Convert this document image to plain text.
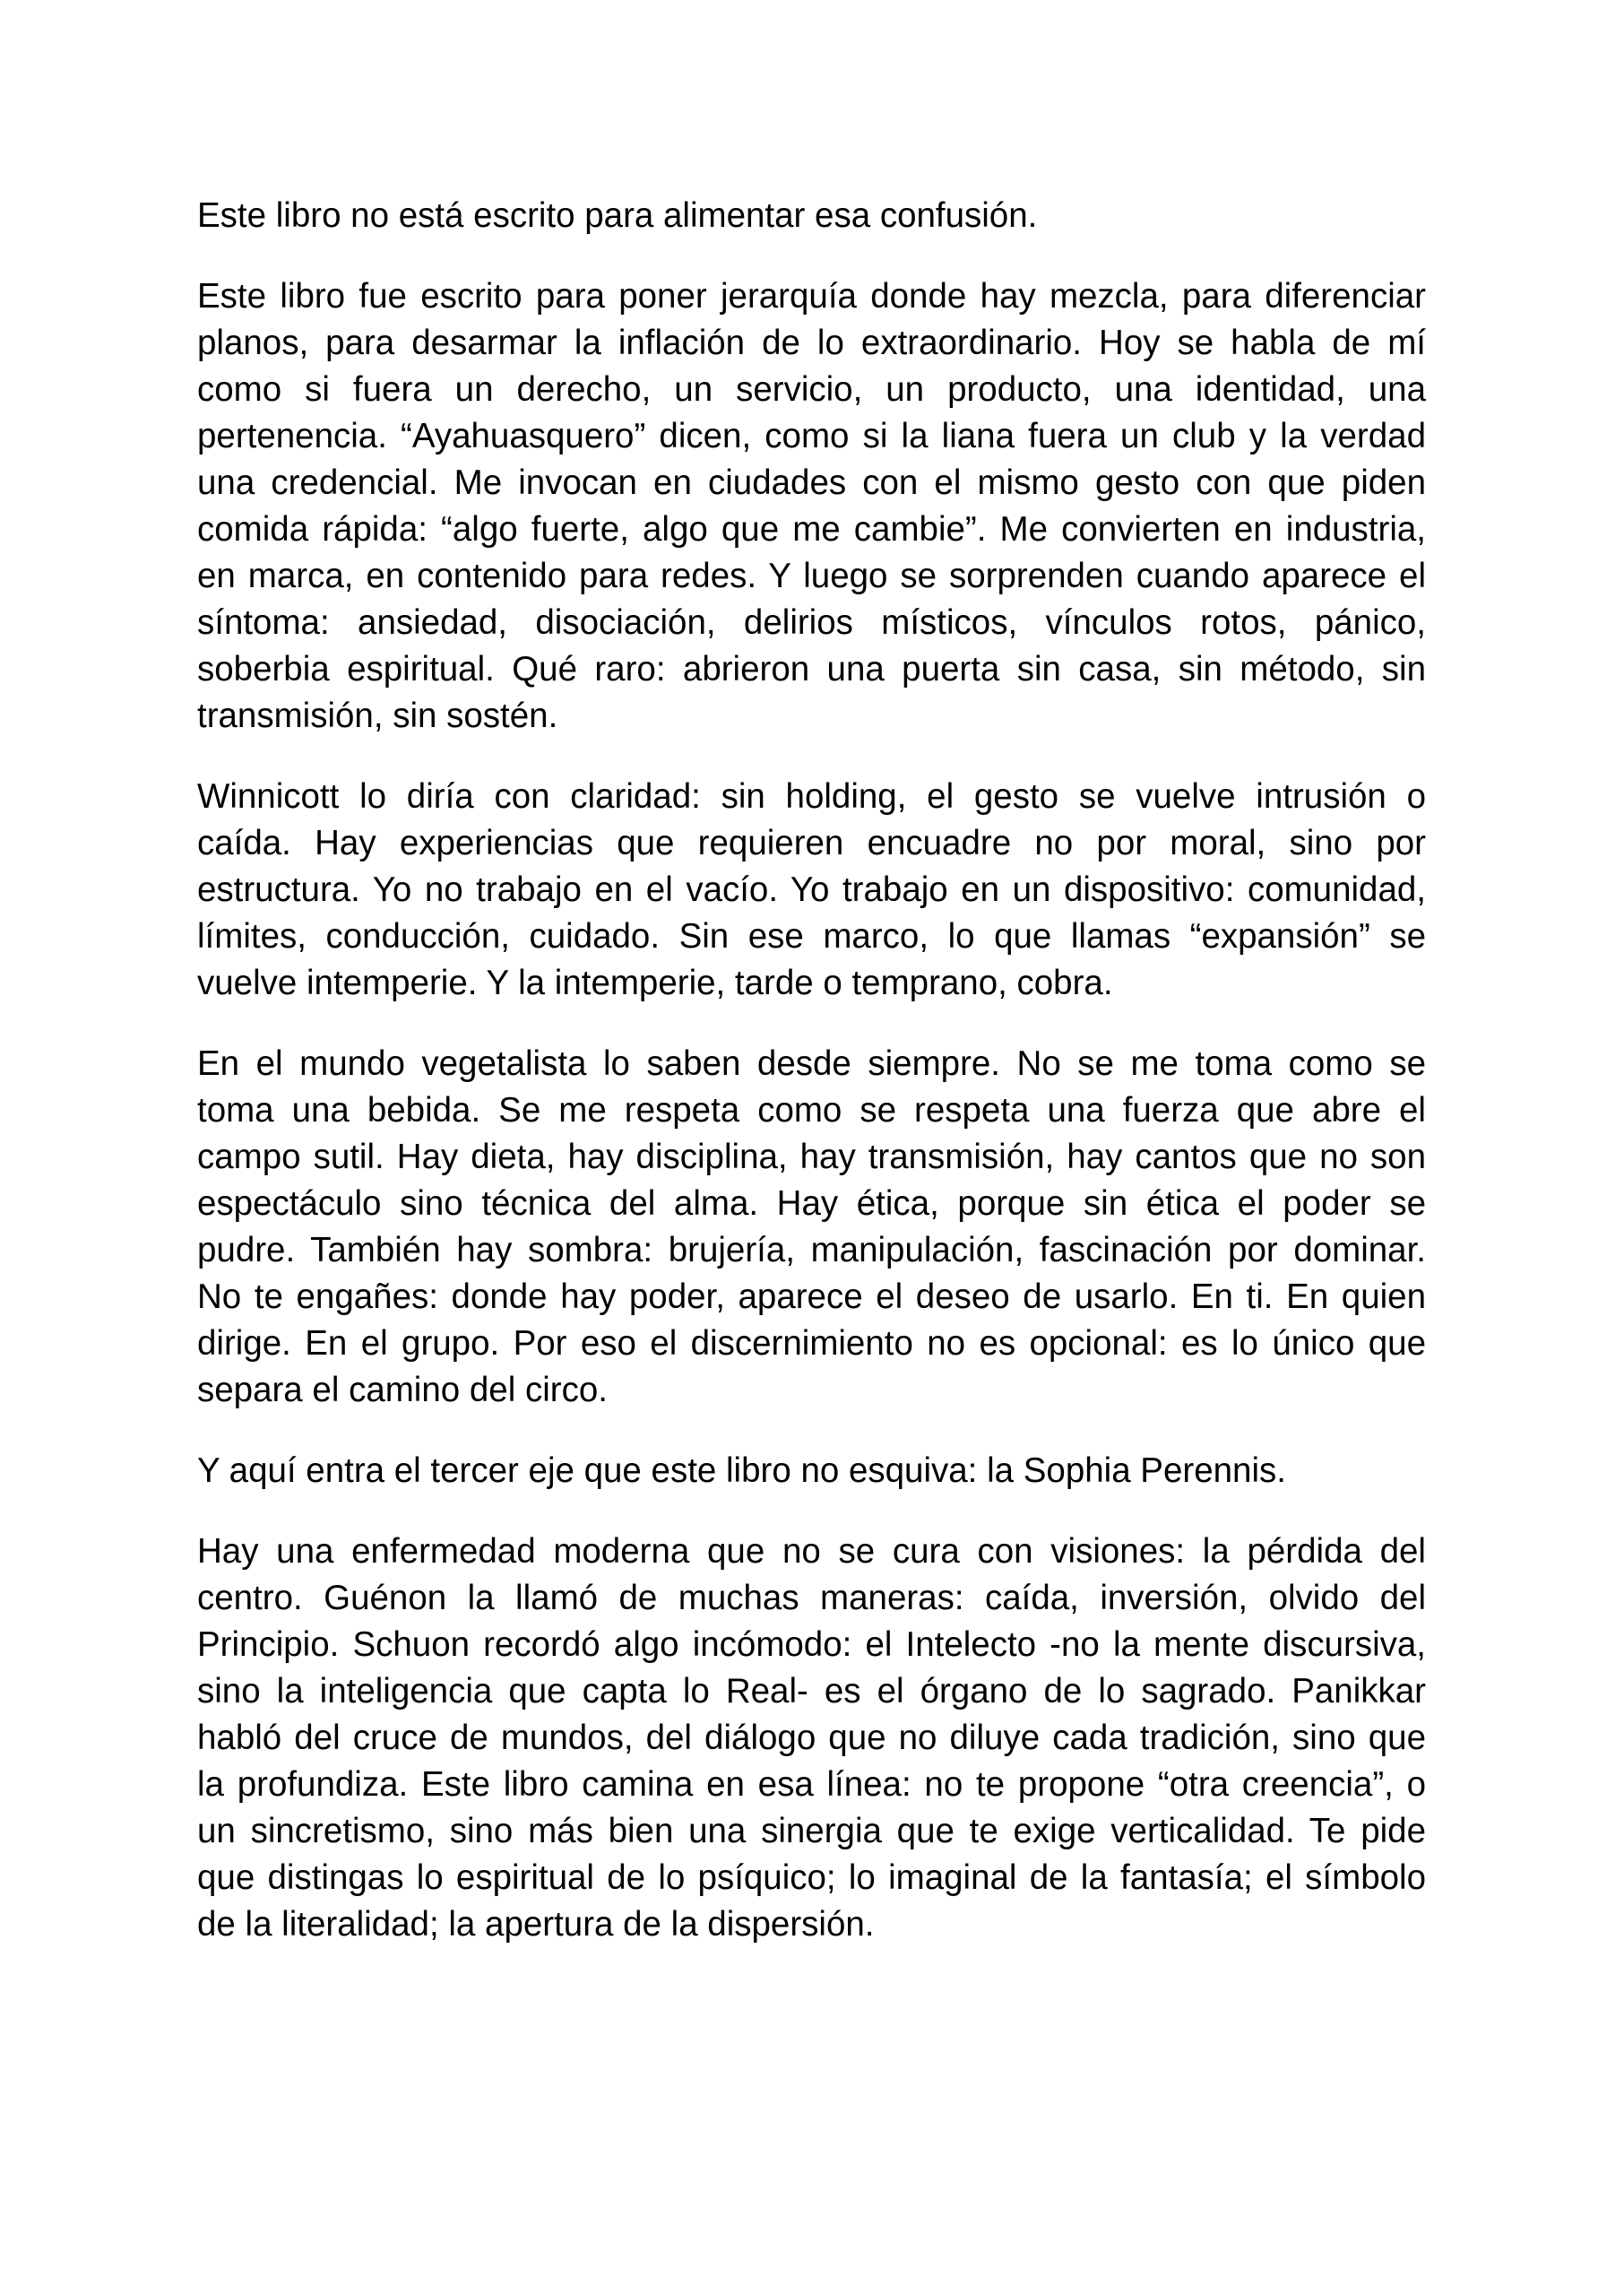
Este libro no está escrito para alimentar esa confusión.
Este libro fue escrito para poner jerarquía donde hay mezcla, para diferenciar
planos, para desarmar la inflación de lo extraordinario. Hoy se habla de mí
como si fuera un derecho, un servicio, un producto, una identidad, una
pertenencia. “Ayahuasquero” dicen, como si la liana fuera un club y la verdad
una credencial. Me invocan en ciudades con el mismo gesto con que piden
comida rápida: “algo fuerte, algo que me cambie”. Me convierten en industria,
en marca, en contenido para redes. Y luego se sorprenden cuando aparece el
síntoma: ansiedad, disociación, delirios místicos, vínculos rotos, pánico,
soberbia espiritual. Qué raro: abrieron una puerta sin casa, sin método, sin
transmisión, sin sostén.
Winnicott lo diría con claridad: sin holding, el gesto se vuelve intrusión o
caída. Hay experiencias que requieren encuadre no por moral, sino por
estructura. Yo no trabajo en el vacío. Yo trabajo en un dispositivo: comunidad,
límites, conducción, cuidado. Sin ese marco, lo que llamas “expansión” se
vuelve intemperie. Y la intemperie, tarde o temprano, cobra.
En el mundo vegetalista lo saben desde siempre. No se me toma como se
toma una bebida. Se me respeta como se respeta una fuerza que abre el
campo sutil. Hay dieta, hay disciplina, hay transmisión, hay cantos que no son
espectáculo sino técnica del alma. Hay ética, porque sin ética el poder se
pudre. También hay sombra: brujería, manipulación, fascinación por dominar.
No te engañes: donde hay poder, aparece el deseo de usarlo. En ti. En quien
dirige. En el grupo. Por eso el discernimiento no es opcional: es lo único que
separa el camino del circo.
Y aquí entra el tercer eje que este libro no esquiva: la Sophia Perennis.
Hay una enfermedad moderna que no se cura con visiones: la pérdida del
centro. Guénon la llamó de muchas maneras: caída, inversión, olvido del
Principio. Schuon recordó algo incómodo: el Intelecto -no la mente discursiva,
sino la inteligencia que capta lo Real- es el órgano de lo sagrado. Panikkar
habló del cruce de mundos, del diálogo que no diluye cada tradición, sino que
la profundiza. Este libro camina en esa línea: no te propone “otra creencia”, o
un sincretismo, sino más bien una sinergia que te exige verticalidad. Te pide
que distingas lo espiritual de lo psíquico; lo imaginal de la fantasía; el símbolo
de la literalidad; la apertura de la dispersión.
